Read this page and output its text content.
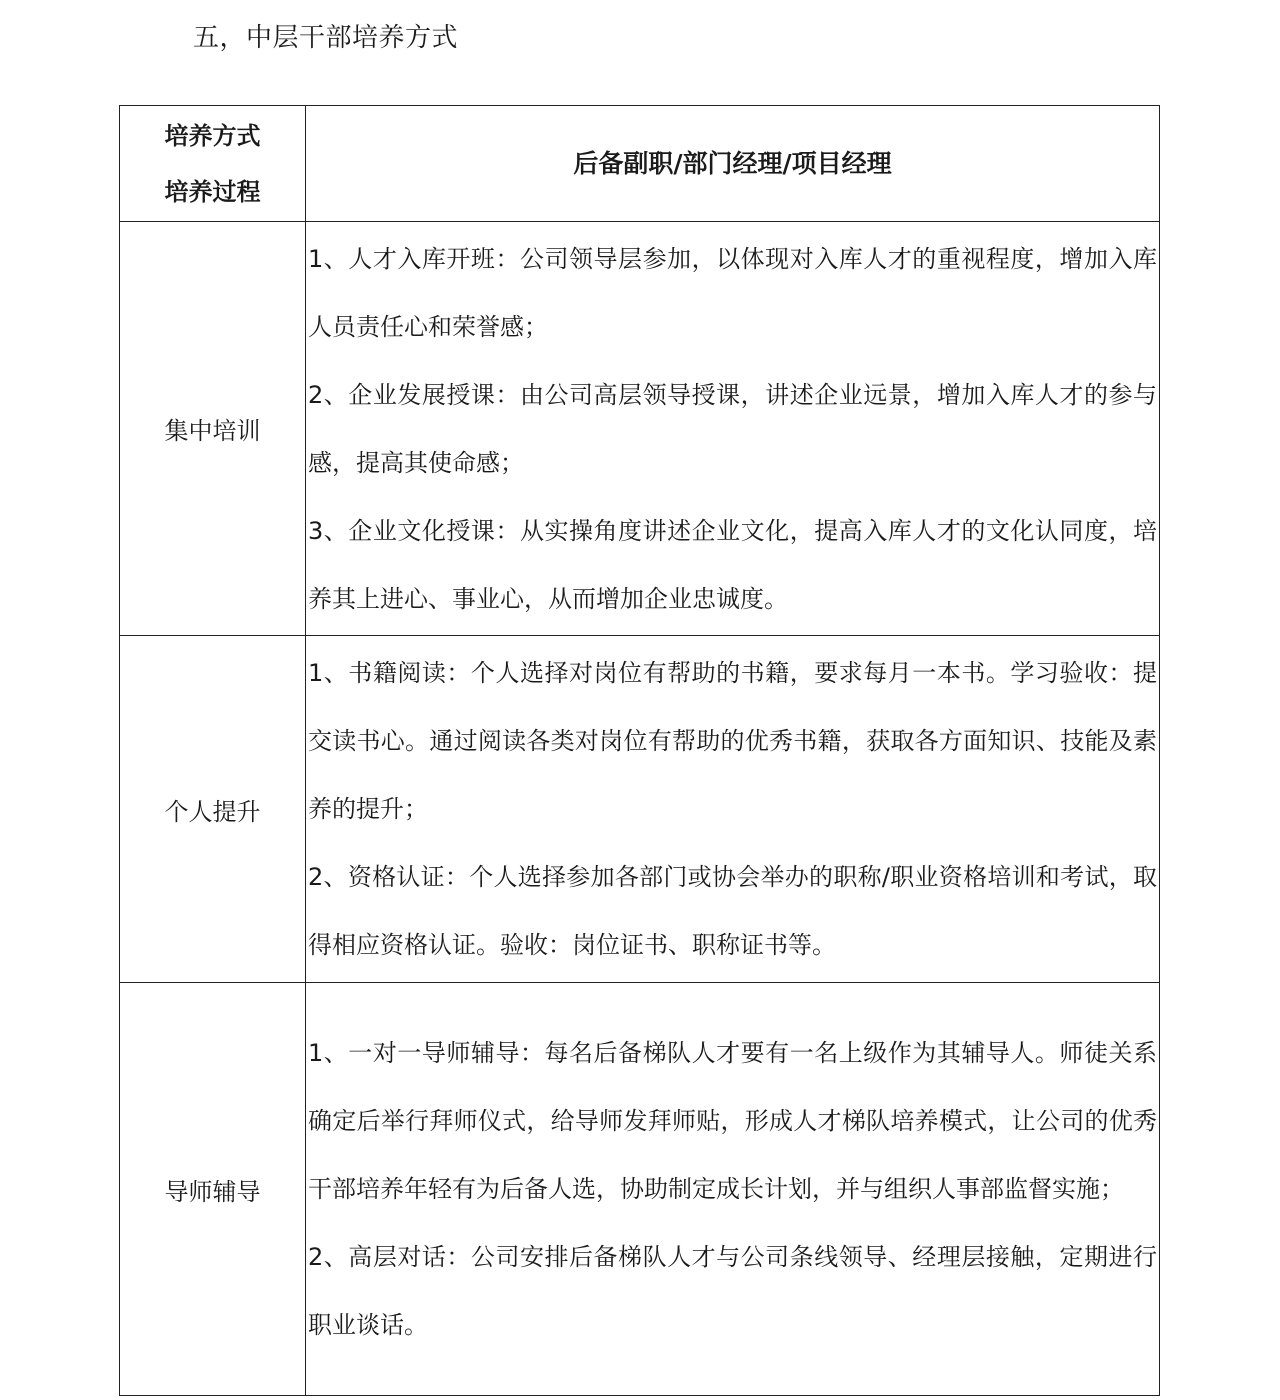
五，中层干部培养方式
培养方式
培养过程	后备副职/部门经理/项目经理

集中培训	1、人才入库开班：公司领导层参加，以体现对入库人才的重视程度，增加入库人员责任心和荣誉感；
2、企业发展授课：由公司高层领导授课，讲述企业远景，增加入库人才的参与感，提高其使命感；
3、企业文化授课：从实操角度讲述企业文化，提高入库人才的文化认同度，培养其上进心、事业心，从而增加企业忠诚度。

个人提升	1、书籍阅读：个人选择对岗位有帮助的书籍，要求每月一本书。学习验收：提交读书心。通过阅读各类对岗位有帮助的优秀书籍，获取各方面知识、技能及素养的提升；
2、资格认证：个人选择参加各部门或协会举办的职称/职业资格培训和考试，取得相应资格认证。验收：岗位证书、职称证书等。

导师辅导	1、一对一导师辅导：每名后备梯队人才要有一名上级作为其辅导人。师徒关系确定后举行拜师仪式，给导师发拜师贴，形成人才梯队培养模式，让公司的优秀干部培养年轻有为后备人选，协助制定成长计划，并与组织人事部监督实施；
2、高层对话：公司安排后备梯队人才与公司条线领导、经理层接触，定期进行职业谈话。
